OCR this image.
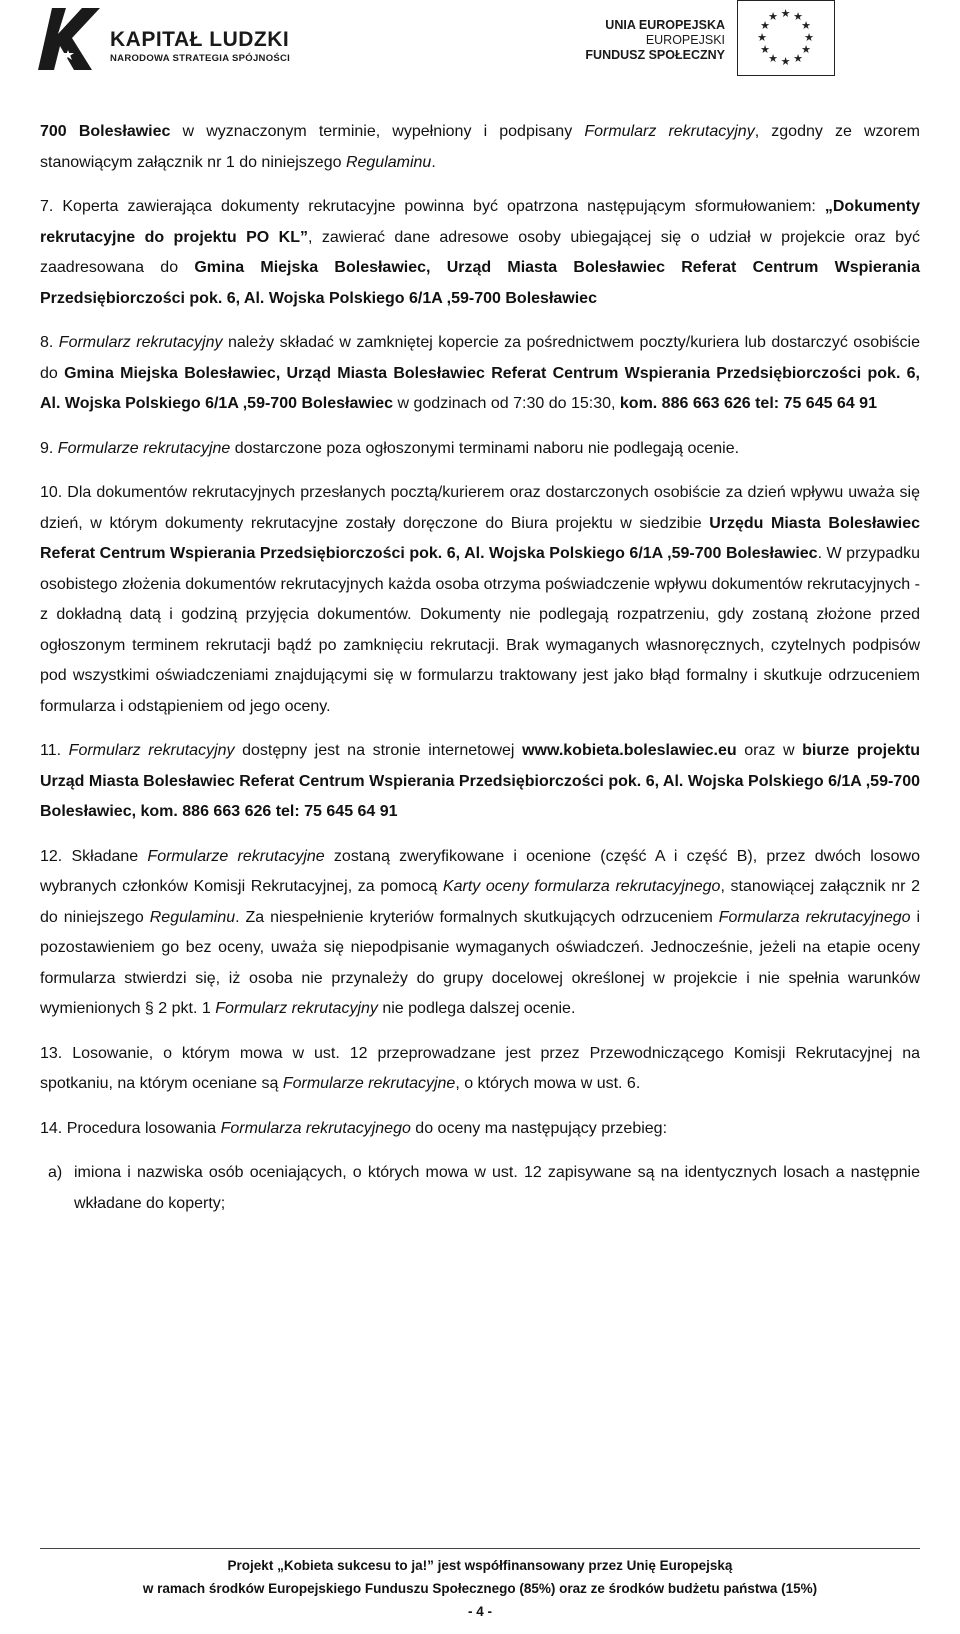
KAPITAŁ LUDZKI
NARODOWA STRATEGIA SPÓJNOŚCI
UNIA EUROPEJSKA
EUROPEJSKI
FUNDUSZ SPOŁECZNY
★ ★
★
★
★
★
★
★
★
★
★
★

700 Bolesławiec w wyznaczonym terminie, wypełniony i podpisany Formularz rekrutacyjny, zgodny ze wzorem stanowiącym załącznik nr 1 do niniejszego Regulaminu.

7. Koperta zawierająca dokumenty rekrutacyjne powinna być opatrzona następującym sformułowaniem: „Dokumenty rekrutacyjne do projektu PO KL”, zawierać dane adresowe osoby ubiegającej się o udział w projekcie oraz być zaadresowana do Gmina Miejska Bolesławiec, Urząd Miasta Bolesławiec Referat Centrum Wspierania Przedsiębiorczości pok. 6, Al. Wojska Polskiego 6/1A ,59-700 Bolesławiec

8. Formularz rekrutacyjny należy składać w zamkniętej kopercie za pośrednictwem poczty/kuriera lub dostarczyć osobiście do Gmina Miejska Bolesławiec, Urząd Miasta Bolesławiec Referat Centrum Wspierania Przedsiębiorczości pok. 6, Al. Wojska Polskiego 6/1A ,59-700 Bolesławiec w godzinach od 7:30 do 15:30, kom. 886 663 626 tel: 75 645 64 91

9. Formularze rekrutacyjne dostarczone poza ogłoszonymi terminami naboru nie podlegają ocenie.

10. Dla dokumentów rekrutacyjnych przesłanych pocztą/kurierem oraz dostarczonych osobiście za dzień wpływu uważa się dzień, w którym dokumenty rekrutacyjne zostały doręczone do Biura projektu w siedzibie Urzędu Miasta Bolesławiec Referat Centrum Wspierania Przedsiębiorczości pok. 6, Al. Wojska Polskiego 6/1A ,59-700 Bolesławiec. W przypadku osobistego złożenia dokumentów rekrutacyjnych każda osoba otrzyma poświadczenie wpływu dokumentów rekrutacyjnych - z dokładną datą i godziną przyjęcia dokumentów. Dokumenty nie podlegają rozpatrzeniu, gdy zostaną złożone przed ogłoszonym terminem rekrutacji bądź po zamknięciu rekrutacji. Brak wymaganych własnoręcznych, czytelnych podpisów pod wszystkimi oświadczeniami znajdującymi się w formularzu traktowany jest jako błąd formalny i skutkuje odrzuceniem formularza i odstąpieniem od jego oceny.

11. Formularz rekrutacyjny dostępny jest na stronie internetowej www.kobieta.boleslawiec.eu oraz w biurze projektu Urząd Miasta Bolesławiec Referat Centrum Wspierania Przedsiębiorczości pok. 6, Al. Wojska Polskiego 6/1A ,59-700 Bolesławiec, kom. 886 663 626 tel: 75 645 64 91

12. Składane Formularze rekrutacyjne zostaną zweryfikowane i ocenione (część A i część B), przez dwóch losowo wybranych członków Komisji Rekrutacyjnej, za pomocą Karty oceny formularza rekrutacyjnego, stanowiącej załącznik nr 2 do niniejszego Regulaminu. Za niespełnienie kryteriów formalnych skutkujących odrzuceniem Formularza rekrutacyjnego i pozostawieniem go bez oceny, uważa się niepodpisanie wymaganych oświadczeń. Jednocześnie, jeżeli na etapie oceny formularza stwierdzi się, iż osoba nie przynależy do grupy docelowej określonej w projekcie i nie spełnia warunków wymienionych § 2 pkt. 1 Formularz rekrutacyjny nie podlega dalszej ocenie.

13. Losowanie, o którym mowa w ust. 12 przeprowadzane jest przez Przewodniczącego Komisji Rekrutacyjnej na spotkaniu, na którym oceniane są Formularze rekrutacyjne, o których mowa w ust. 6.

14. Procedura losowania Formularza rekrutacyjnego do oceny ma następujący przebieg:

a) imiona i nazwiska osób oceniających, o których mowa w ust. 12 zapisywane są na identycznych losach a następnie wkładane do koperty;

Projekt „Kobieta sukcesu to ja!” jest współfinansowany przez Unię Europejską
w ramach środków Europejskiego Funduszu Społecznego (85%) oraz ze środków budżetu państwa (15%)
- 4 -
